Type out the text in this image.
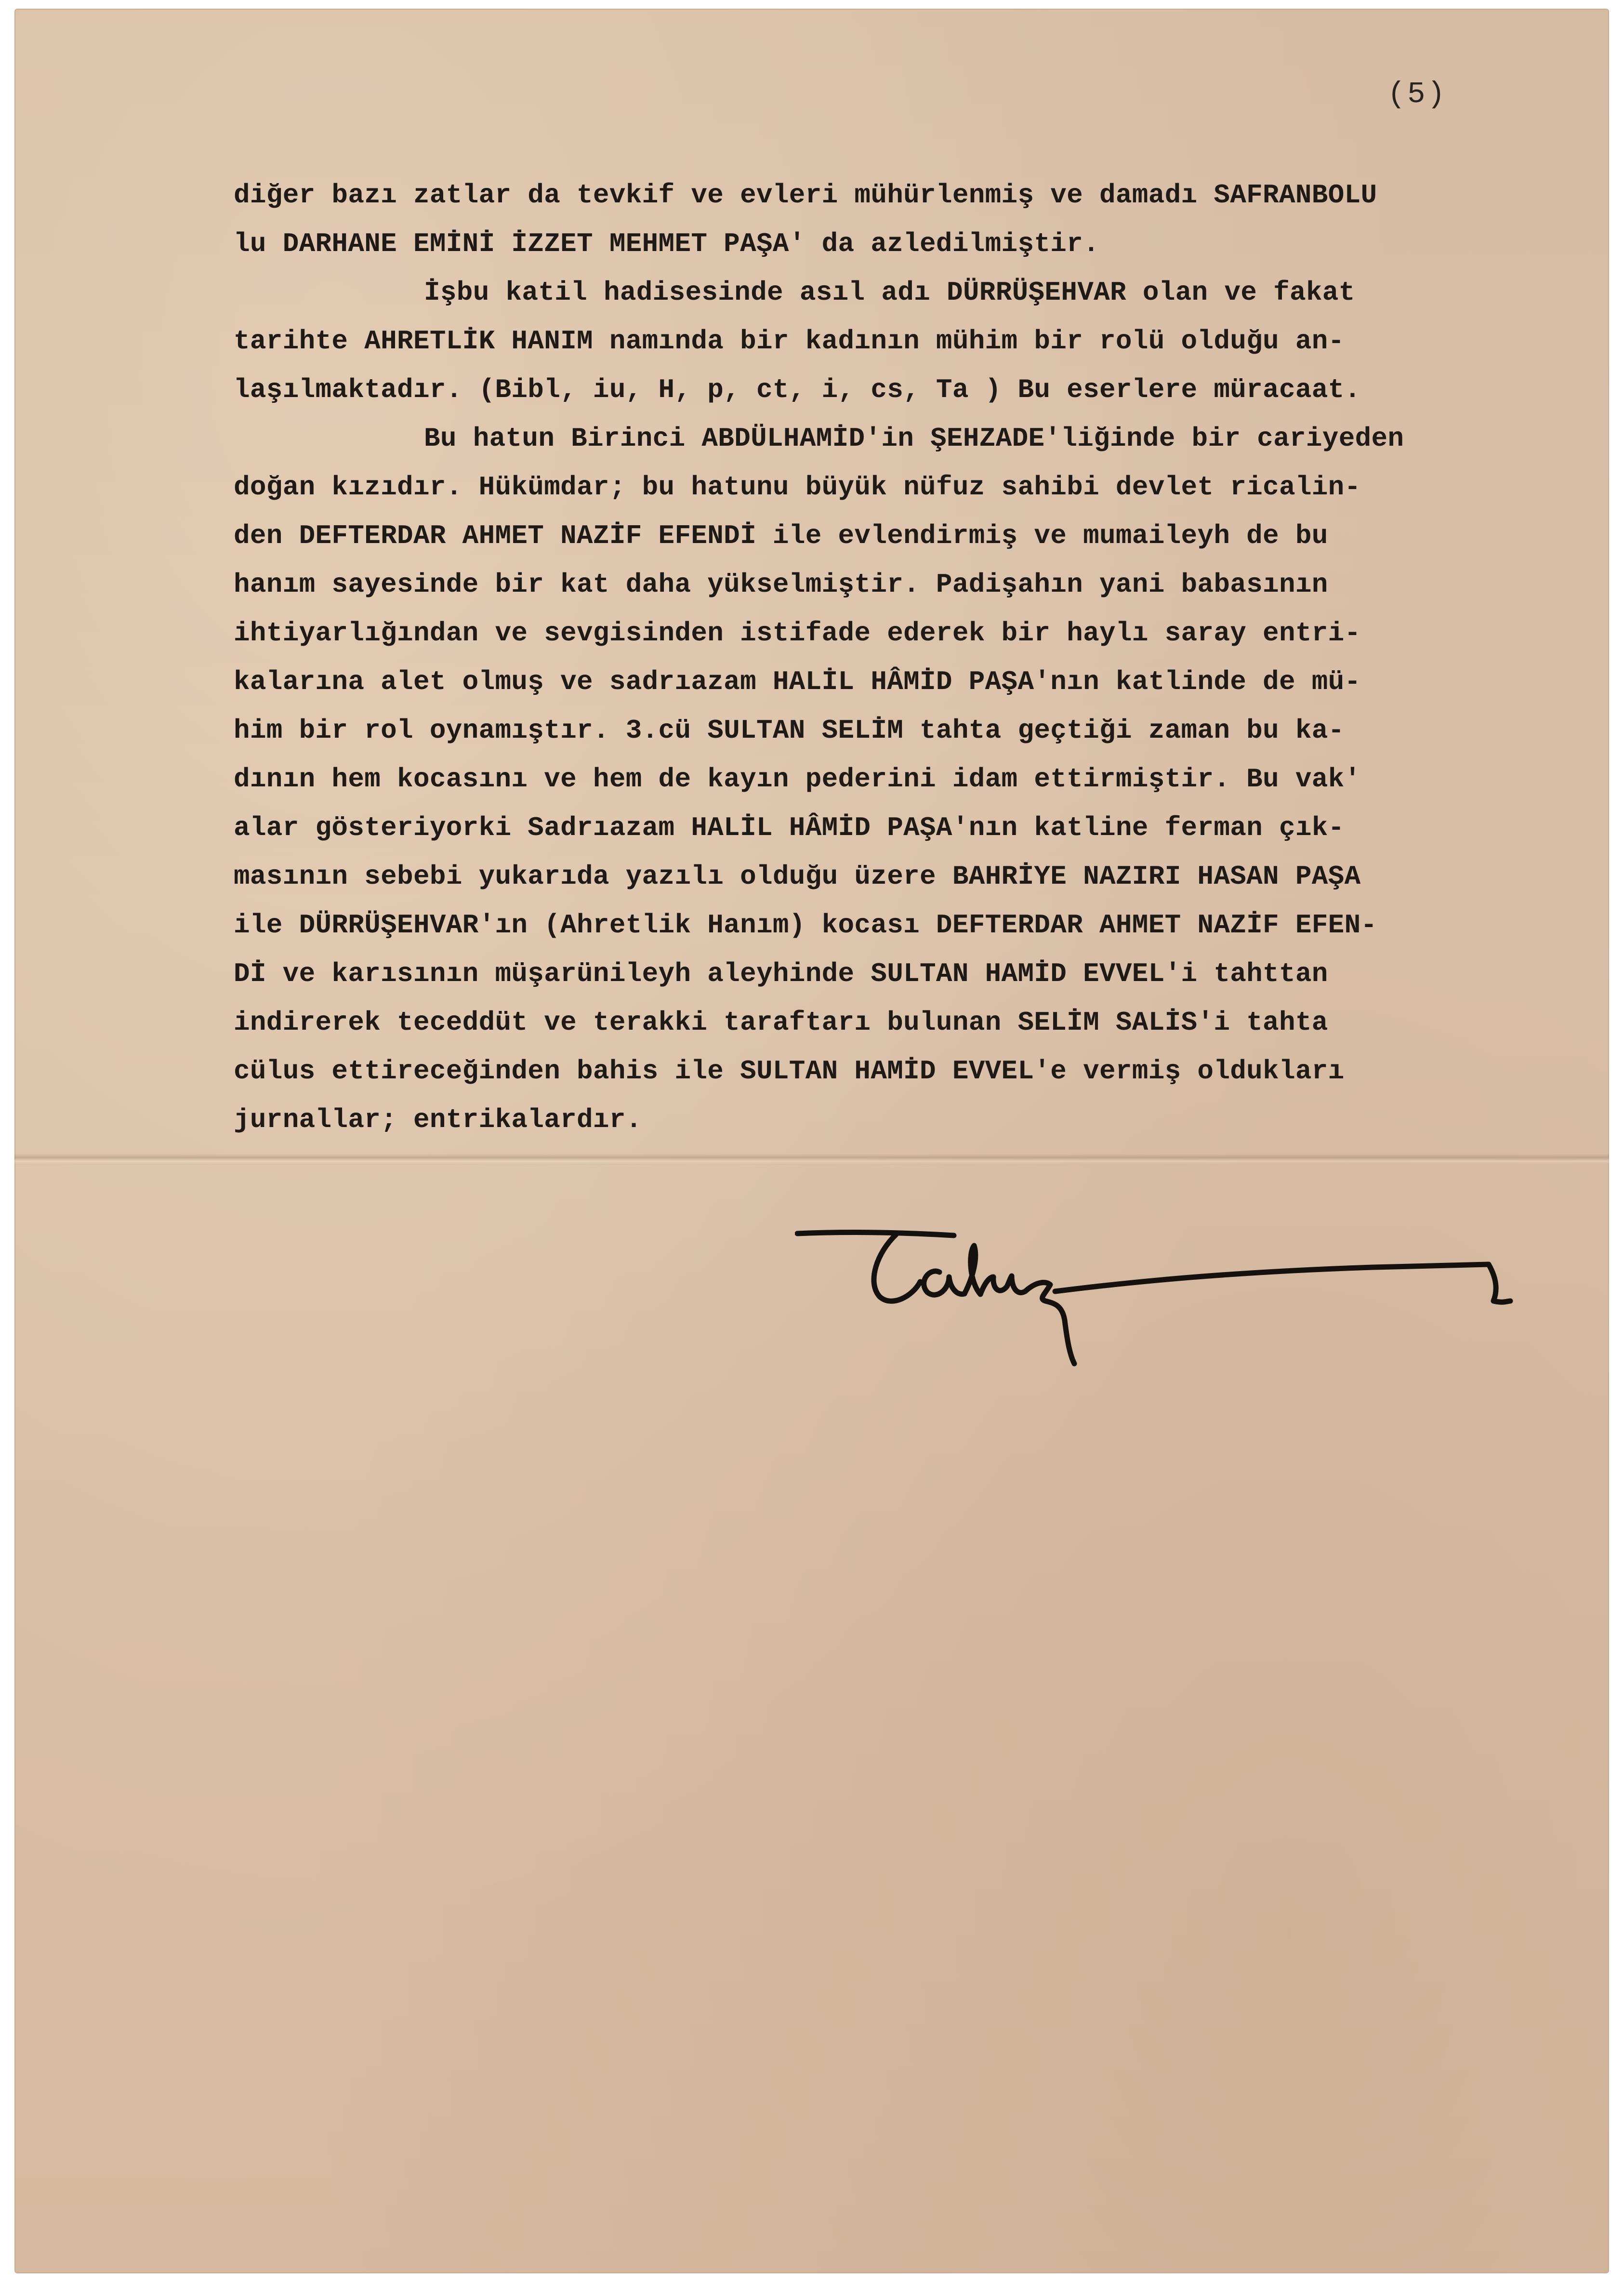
(5)
diğer bazı zatlar da tevkif ve evleri mühürlenmiş ve damadı SAFRANBOLU
lu DARHANE EMİNİ İZZET MEHMET PAŞA' da azledilmiştir.
İşbu katil hadisesinde asıl adı DÜRRÜŞEHVAR olan ve fakat
tarihte AHRETLİK HANIM namında bir kadının mühim bir rolü olduğu an-
laşılmaktadır. (Bibl, iu, H, p, ct, i, cs, Ta ) Bu eserlere müracaat.
Bu hatun Birinci ABDÜLHAMİD'in ŞEHZADE'liğinde bir cariyeden
doğan kızıdır. Hükümdar; bu hatunu büyük nüfuz sahibi devlet ricalin-
den DEFTERDAR AHMET NAZİF EFENDİ ile evlendirmiş ve mumaileyh de bu
hanım sayesinde bir kat daha yükselmiştir. Padişahın yani babasının
ihtiyarlığından ve sevgisinden istifade ederek bir haylı saray entri-
kalarına alet olmuş ve sadrıazam HALİL HÂMİD PAŞA'nın katlinde de mü-
him bir rol oynamıştır. 3.cü SULTAN SELİM tahta geçtiği zaman bu ka-
dının hem kocasını ve hem de kayın pederini idam ettirmiştir. Bu vak'
alar gösteriyorki Sadrıazam HALİL HÂMİD PAŞA'nın katline ferman çık-
masının sebebi yukarıda yazılı olduğu üzere BAHRİYE NAZIRI HASAN PAŞA
ile DÜRRÜŞEHVAR'ın (Ahretlik Hanım) kocası DEFTERDAR AHMET NAZİF EFEN-
Dİ ve karısının müşarünileyh aleyhinde SULTAN HAMİD EVVEL'i tahttan
indirerek teceddüt ve terakki taraftarı bulunan SELİM SALİS'i tahta
cülus ettireceğinden bahis ile SULTAN HAMİD EVVEL'e vermiş oldukları
jurnallar; entrikalardır.
